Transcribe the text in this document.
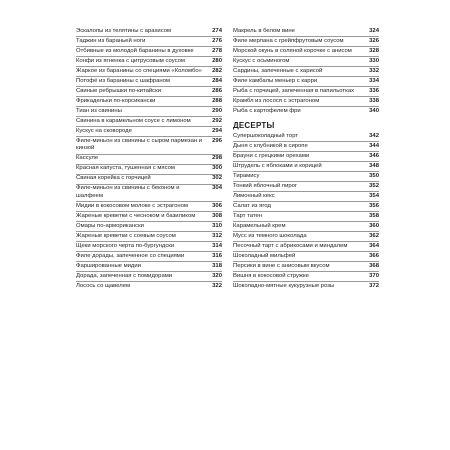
Эскалопы из телятины с арахисом	274
Таджин из бараньей ноги	276
Отбивные из молодой баранины в духовке	278
Конфи из ягненка с цитрусовым соусом	280
Жаркое из баранины со специями «Коломбо»	282
Потофё из баранины с шафраном	284
Свиные ребрышки по-китайски	286
Фрикадельки по-корсикански	288
Тиан из свинины	290
Свинина в карамельном соусе с лимоном	292
Кускус на сковороде	294
Филе-миньон из свинины с сыром пармезан и кинзой
296
Кассуле	298
Красная капуста, тушенная с мясом	300
Свиная корейка с горчицей	302
Филе-миньон из свинины с беконом и шалфеем
304
Мидии в кокосовом молоке с эстрагоном	306
Жареные креветки с чесноком и базиликом	308
Омары по-арморикански	310
Жареные креветки с соевым соусом	312
Щеки морского черта по-бургундски	314
Филе дорады, запеченное со специями	316
Фаршированные мидии	318
Дорада, запеченная с помидорами	320
Лосось со щавелем	322
Макрель в белом вине	324
Филе мерлана с грейпфрутовым соусом	326
Морской окунь в соляной корочке с анисом	328
Кускус с осьминогом	330
Сардины, запеченные с харисой	332
Филе камбалы меньер с карри	334
Рыба с горчицей, запеченная в папильотках	336
Крамбл из лосося с эстрагоном	338
Рыба с картофелем фри	340
ДЕСЕРТЫ
Супершоколадный торт	342
Дыня с клубникой в сиропе	344
Брауни с грецкими орехами	346
Штрудель с яблоками и корицей	348
Тирамису	350
Тонкий яблочный пирог	352
Лимонный кекс	354
Салат из ягод	356
Тарт татен	358
Карамельный крем	360
Мусс из темного шоколада	362
Песочный тарт с абрикосами и миндалем	364
Шоколадный мильфей	366
Персики в вине с анисовым вкусом	368
Вишня в кокосовой стружке	370
Шоколадно-мятные кукурузные розы	372
